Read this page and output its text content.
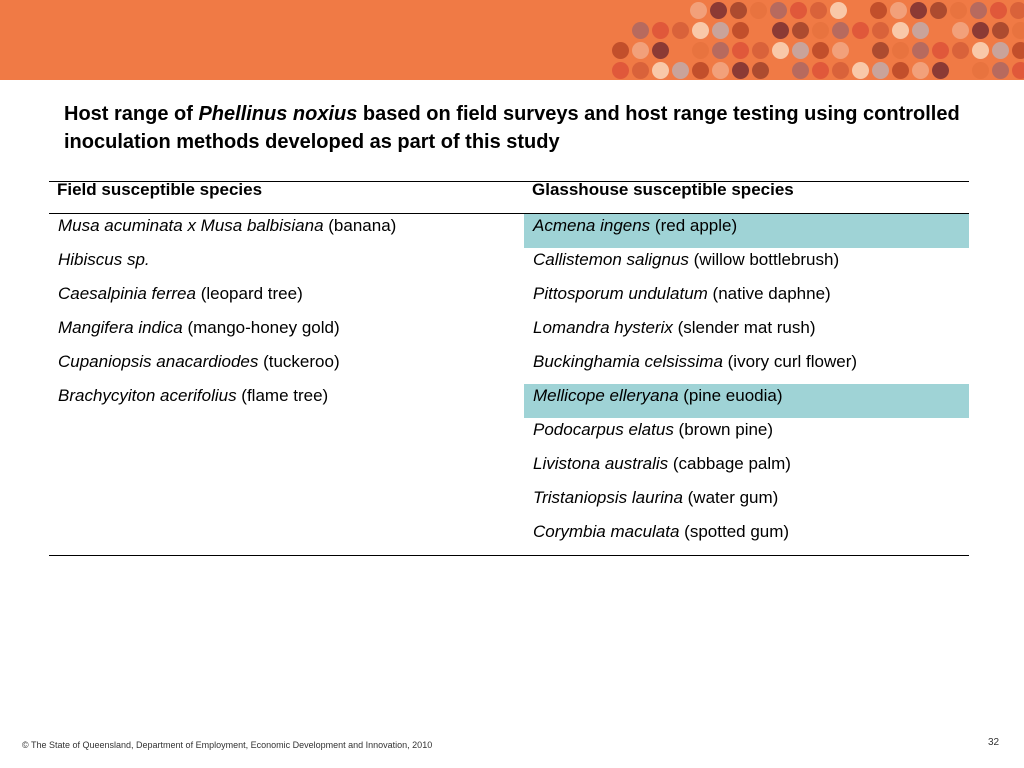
Host range of Phellinus noxius based on field surveys and host range testing using controlled inoculation methods developed as part of this study
Field susceptible species	Glasshouse susceptible species
Musa acuminata x Musa balbisiana (banana)
Hibiscus sp.
Caesalpinia ferrea (leopard tree)
Mangifera indica (mango-honey gold)
Cupaniopsis anacardiodes (tuckeroo)
Brachycyiton acerifolius (flame tree)
Acmena ingens (red apple)
Callistemon salignus (willow bottlebrush)
Pittosporum undulatum (native daphne)
Lomandra hysterix (slender mat rush)
Buckinghamia celsissima (ivory curl flower)
Mellicope elleryana (pine euodia)
Podocarpus elatus (brown pine)
Livistona australis (cabbage palm)
Tristaniopsis laurina (water gum)
Corymbia maculata (spotted gum)
© The State of Queensland, Department of Employment, Economic Development and Innovation, 2010	32
